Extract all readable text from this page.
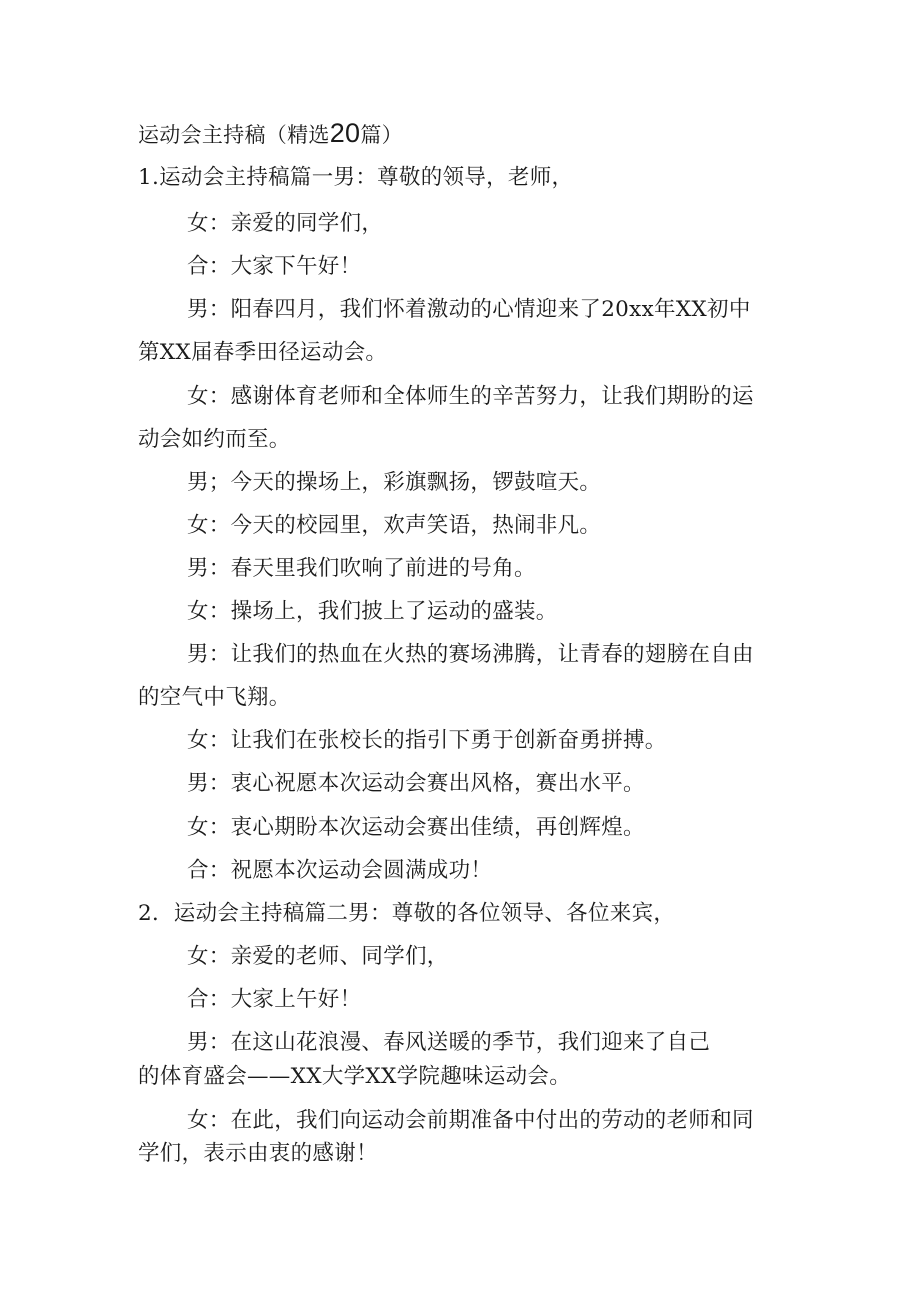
运动会主持稿（精选20篇）
1.运动会主持稿篇一男：尊敬的领导，老师，
女：亲爱的同学们，
合：大家下午好！
男：阳春四月，我们怀着激动的心情迎来了20xx年XX初中
第XX届春季田径运动会。
女：感谢体育老师和全体师生的辛苦努力，让我们期盼的运
动会如约而至。
男；今天的操场上，彩旗飘扬，锣鼓喧天。
女：今天的校园里，欢声笑语，热闹非凡。
男：春天里我们吹响了前进的号角。
女：操场上，我们披上了运动的盛装。
男：让我们的热血在火热的赛场沸腾，让青春的翅膀在自由
的空气中飞翔。
女：让我们在张校长的指引下勇于创新奋勇拼搏。
男：衷心祝愿本次运动会赛出风格，赛出水平。
女：衷心期盼本次运动会赛出佳绩，再创辉煌。
合：祝愿本次运动会圆满成功！
2．运动会主持稿篇二男：尊敬的各位领导、各位来宾，
女：亲爱的老师、同学们，
合：大家上午好！
男：在这山花浪漫、春风送暖的季节，我们迎来了自己
的体育盛会——XX大学XX学院趣味运动会。
女：在此，我们向运动会前期准备中付出的劳动的老师和同
学们，表示由衷的感谢！
